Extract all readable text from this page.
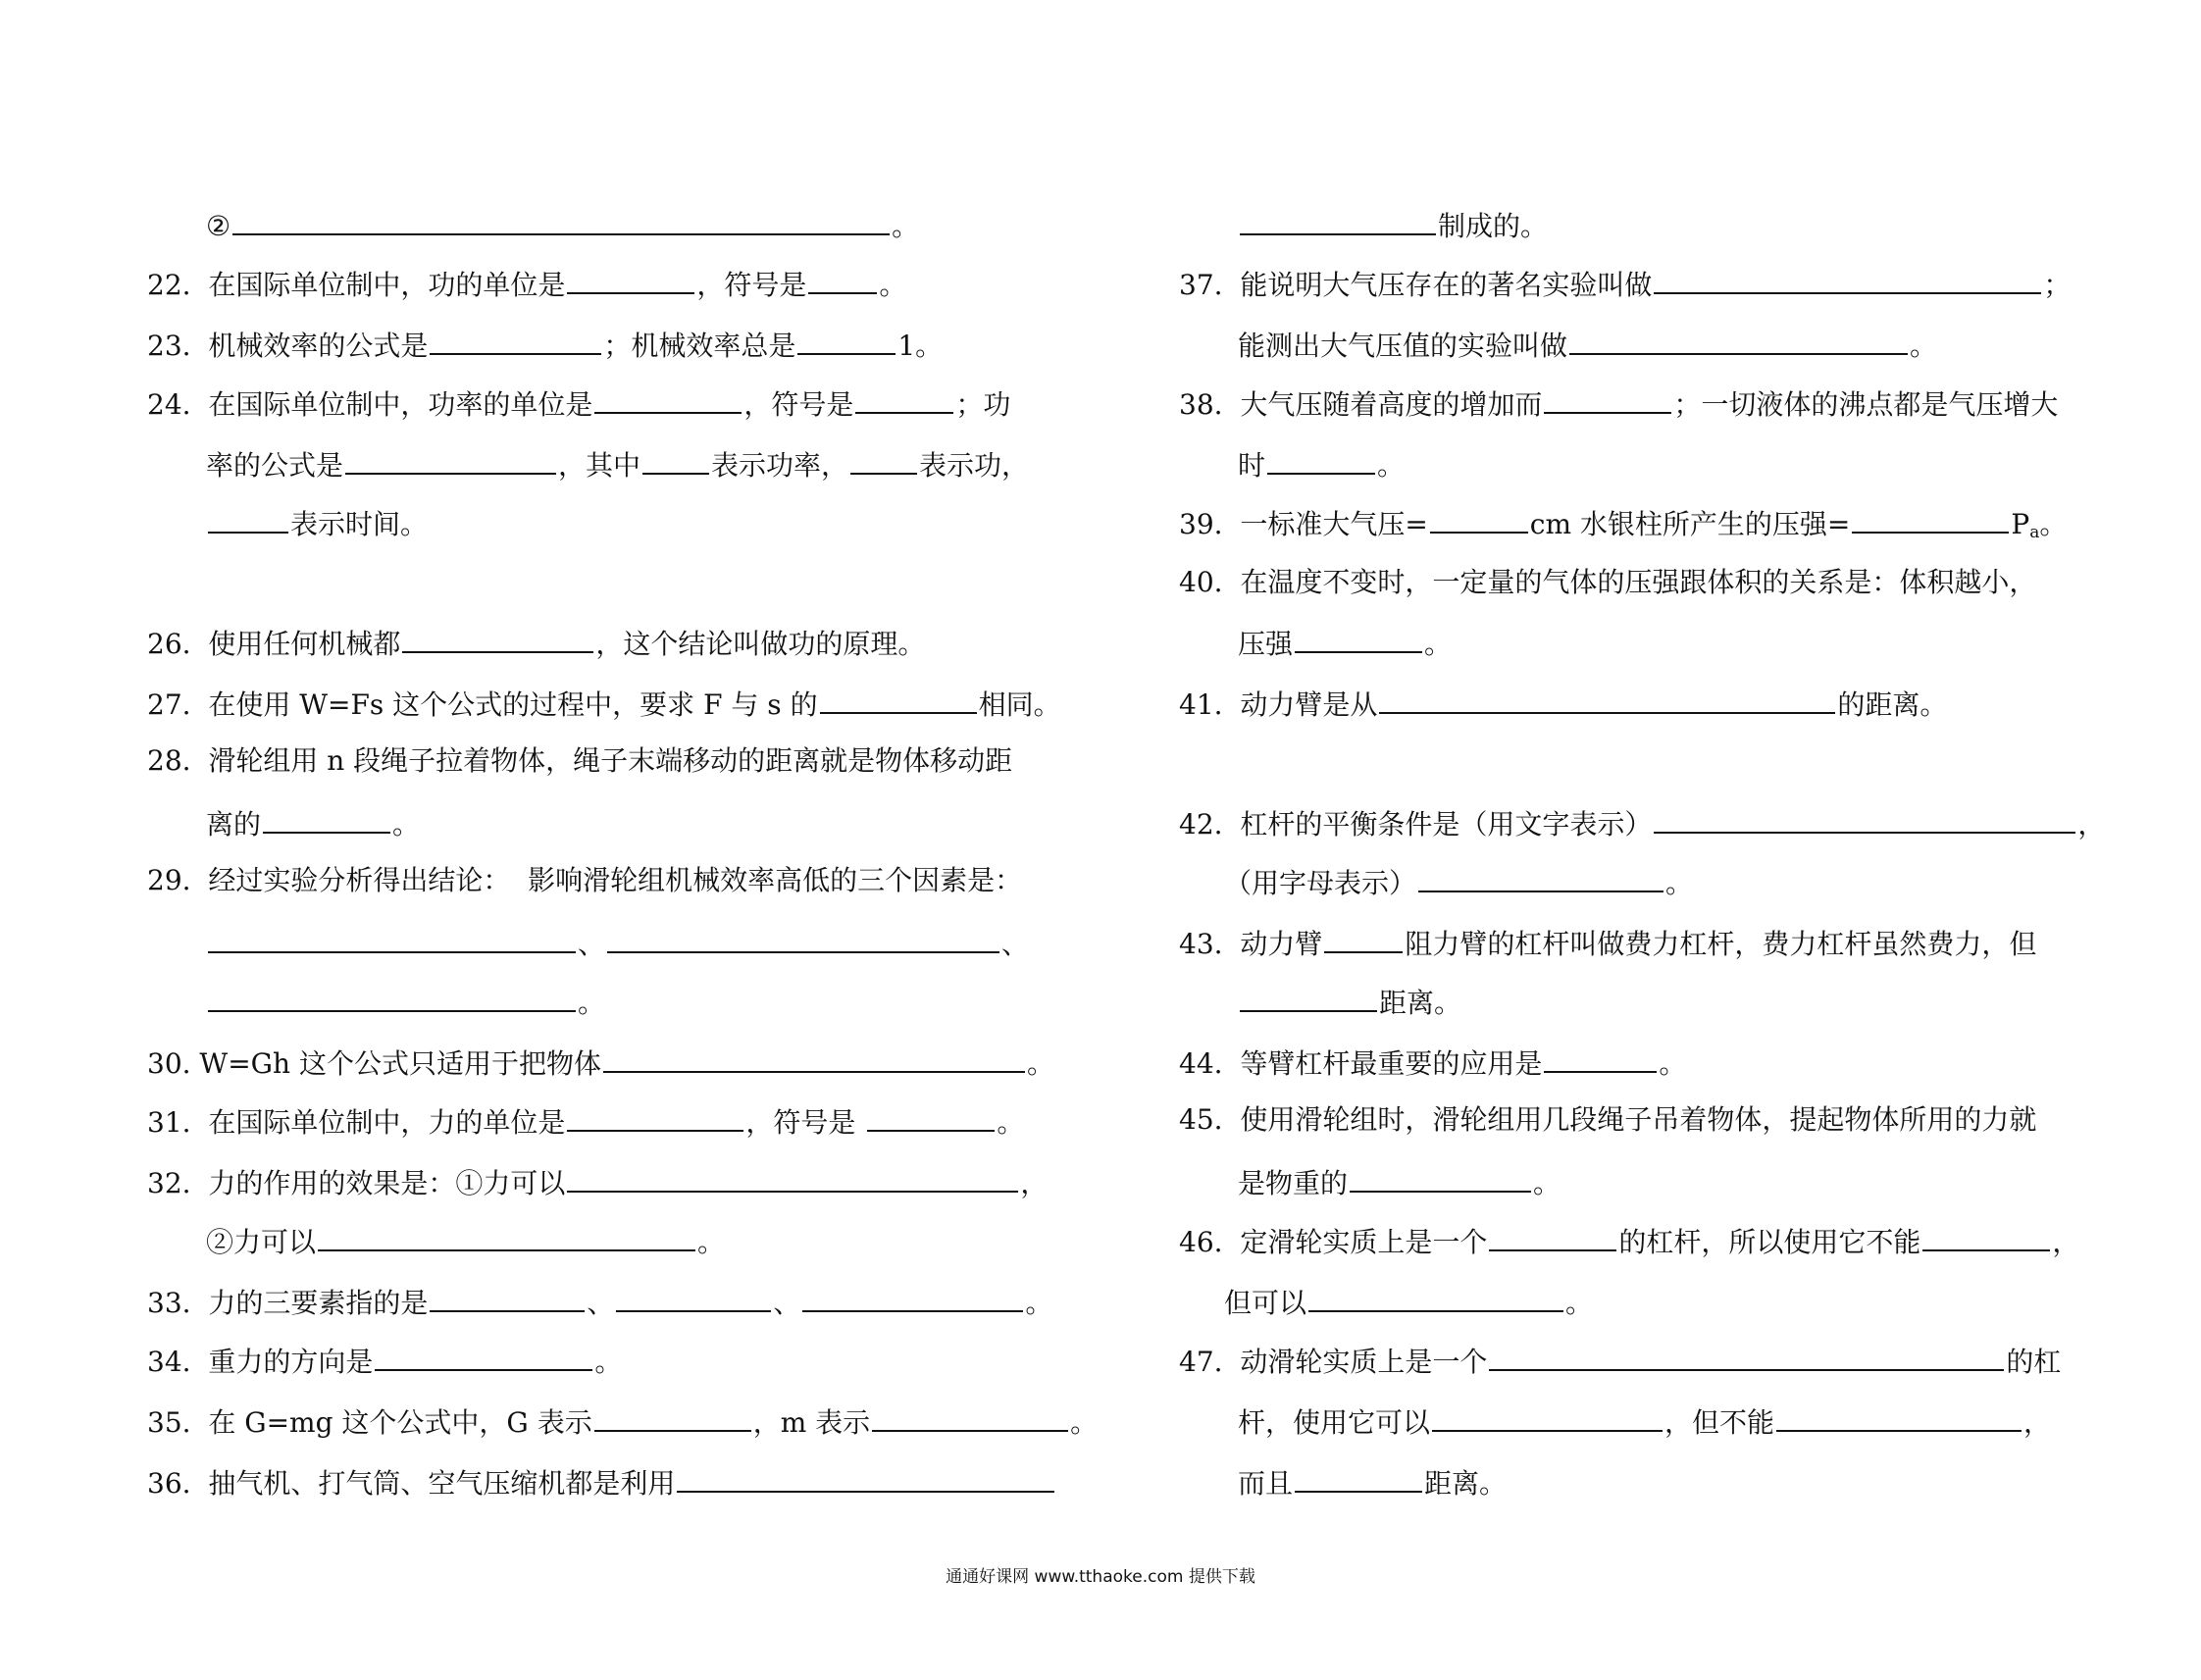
②	。
22.  在国际单位制中，功的单位是	，符号是	。
23.  机械效率的公式是	；机械效率总是	1。
24.  在国际单位制中，功率的单位是	，符号是	；功
率的公式是	，其中	表示功率，	表示功，
表示时间。
26.  使用任何机械都	，这个结论叫做功的原理。
27.  在使用 W=Fs 这个公式的过程中，要求 F 与 s 的	相同。
28.  滑轮组用 n 段绳子拉着物体，绳子末端移动的距离就是物体移动距
离的	。
29.  经过实验分析得出结论：  影响滑轮组机械效率高低的三个因素是：
、	、
。
30. W=Gh 这个公式只适用于把物体	。
31.  在国际单位制中，力的单位是	，符号是	。
32.  力的作用的效果是：①力可以	，
②力可以	。
33.  力的三要素指的是	、	、	。
34.  重力的方向是	。
35.  在 G=mg 这个公式中，G 表示	，m 表示	。
36.  抽气机、打气筒、空气压缩机都是利用
制成的。
37.  能说明大气压存在的著名实验叫做	；
能测出大气压值的实验叫做	。
38.  大气压随着高度的增加而	；一切液体的沸点都是气压增大
时	。
39.  一标准大气压=	cm 水银柱所产生的压强=	Pa。
40.  在温度不变时，一定量的气体的压强跟体积的关系是：体积越小，
压强	。
41.  动力臂是从	的距离。
42.  杠杆的平衡条件是（用文字表示）	，
（用字母表示）	。
43.  动力臂	阻力臂的杠杆叫做费力杠杆，费力杠杆虽然费力，但
距离。
44.  等臂杠杆最重要的应用是	。
45.  使用滑轮组时，滑轮组用几段绳子吊着物体，提起物体所用的力就
是物重的	。
46.  定滑轮实质上是一个	的杠杆，所以使用它不能	，
但可以	。
47.  动滑轮实质上是一个	的杠
杆，使用它可以	，但不能	，
而且	距离。
通通好课网 www.tthaoke.com 提供下载
